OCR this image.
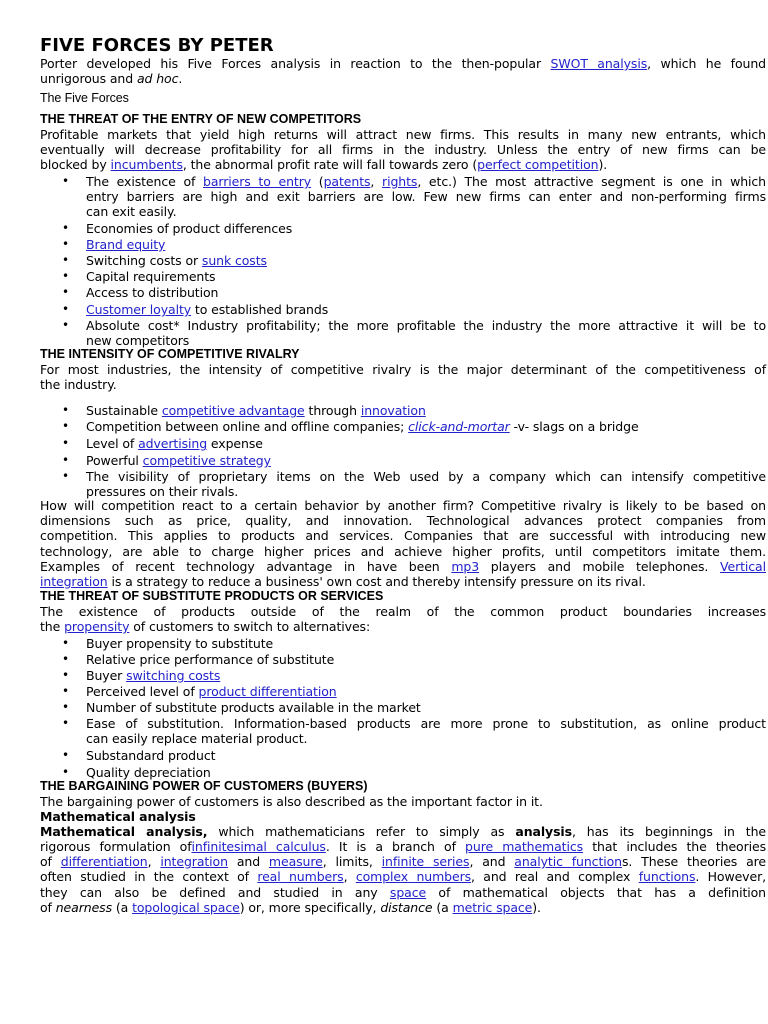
FIVE FORCES BY PETER
Porter developed his Five Forces analysis in reaction to the then-popular SWOT analysis, which he found
unrigorous and ad hoc.
The Five Forces
THE THREAT OF THE ENTRY OF NEW COMPETITORS
Profitable markets that yield high returns will attract new firms. This results in many new entrants, which
eventually will decrease profitability for all firms in the industry. Unless the entry of new firms can be
blocked by incumbents, the abnormal profit rate will fall towards zero (perfect competition).
• The existence of barriers to entry (patents, rights, etc.) The most attractive segment is one in which
entry barriers are high and exit barriers are low. Few new firms can enter and non-performing firms
can exit easily.
• Economies of product differences
• Brand equity
• Switching costs or sunk costs
• Capital requirements
• Access to distribution
• Customer loyalty to established brands
• Absolute cost* Industry profitability; the more profitable the industry the more attractive it will be to
new competitors
THE INTENSITY OF COMPETITIVE RIVALRY
For most industries, the intensity of competitive rivalry is the major determinant of the competitiveness of
the industry.
• Sustainable competitive advantage through innovation
• Competition between online and offline companies; click-and-mortar -v- slags on a bridge
• Level of advertising expense
• Powerful competitive strategy
• The visibility of proprietary items on the Web used by a company which can intensify competitive
pressures on their rivals.
How will competition react to a certain behavior by another firm? Competitive rivalry is likely to be based on
dimensions such as price, quality, and innovation. Technological advances protect companies from
competition. This applies to products and services. Companies that are successful with introducing new
technology, are able to charge higher prices and achieve higher profits, until competitors imitate them.
Examples of recent technology advantage in have been mp3 players and mobile telephones. Vertical
integration is a strategy to reduce a business' own cost and thereby intensify pressure on its rival.
THE THREAT OF SUBSTITUTE PRODUCTS OR SERVICES
The existence of products outside of the realm of the common product boundaries increases
the propensity of customers to switch to alternatives:
• Buyer propensity to substitute
• Relative price performance of substitute
• Buyer switching costs
• Perceived level of product differentiation
• Number of substitute products available in the market
• Ease of substitution. Information-based products are more prone to substitution, as online product
can easily replace material product.
• Substandard product
• Quality depreciation
THE BARGAINING POWER OF CUSTOMERS (BUYERS)
The bargaining power of customers is also described as the important factor in it.
Mathematical analysis
Mathematical analysis, which mathematicians refer to simply as analysis, has its beginnings in the
rigorous formulation ofinfinitesimal calculus. It is a branch of pure mathematics that includes the theories
of differentiation, integration and measure, limits, infinite series, and analytic functions. These theories are
often studied in the context of real numbers, complex numbers, and real and complex functions. However,
they can also be defined and studied in any space of mathematical objects that has a definition
of nearness (a topological space) or, more specifically, distance (a metric space).
